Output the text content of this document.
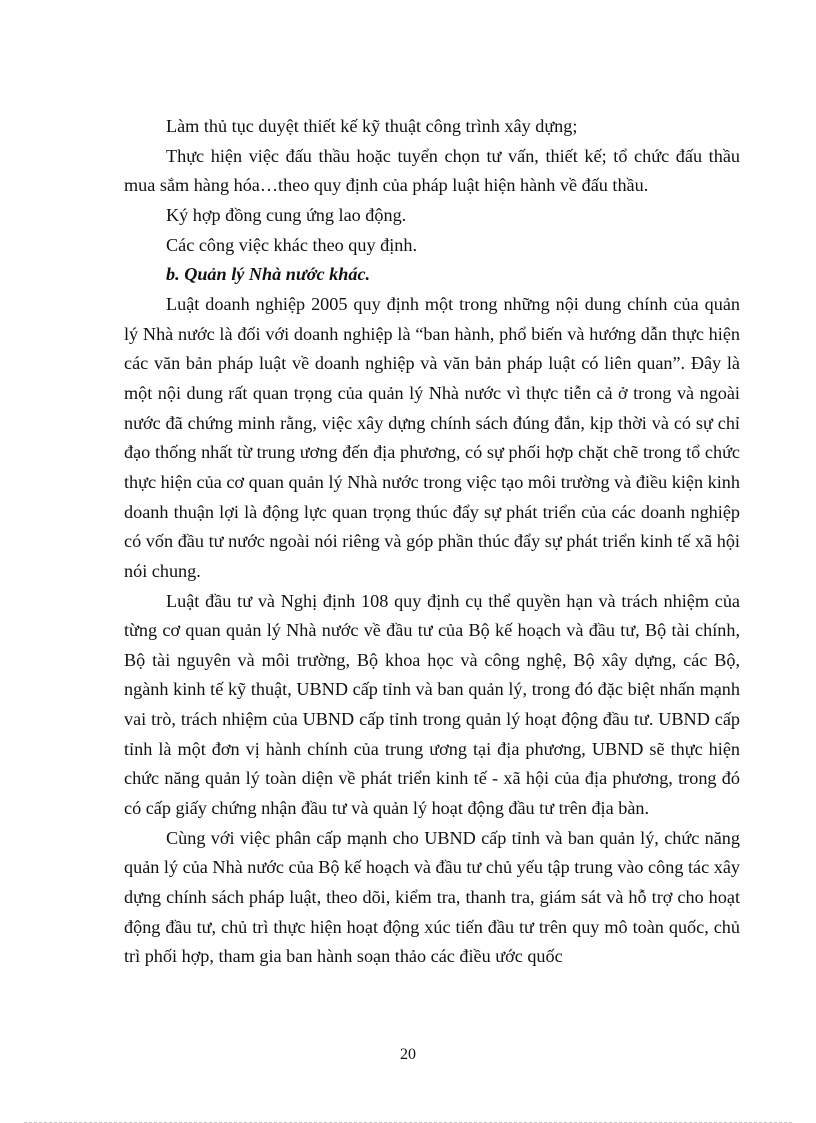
Làm thủ tục duyệt thiết kế kỹ thuật công trình xây dựng;

Thực hiện việc đấu thầu hoặc tuyển chọn tư vấn, thiết kế; tổ chức đấu thầu mua sắm hàng hóa…theo quy định của pháp luật hiện hành về đấu thầu.

Ký hợp đồng cung ứng lao động.

Các công việc khác theo quy định.

b. Quản lý Nhà nước khác.

Luật doanh nghiệp 2005 quy định một trong những nội dung chính của quản lý Nhà nước là đối với doanh nghiệp là “ban hành, phổ biến và hướng dẫn thực hiện các văn bản pháp luật về doanh nghiệp và văn bản pháp luật có liên quan”. Đây là một nội dung rất quan trọng của quản lý Nhà nước vì thực tiễn cả ở trong và ngoài nước đã chứng minh rằng, việc xây dựng chính sách đúng đắn, kịp thời và có sự chỉ đạo thống nhất từ trung ương đến địa phương, có sự phối hợp chặt chẽ trong tổ chức thực hiện của cơ quan quản lý Nhà nước trong việc tạo môi trường và điều kiện kinh doanh thuận lợi là động lực quan trọng thúc đẩy sự phát triển của các doanh nghiệp có vốn đầu tư nước ngoài nói riêng và góp phần thúc đẩy sự phát triển kinh tế xã hội nói chung.

Luật đầu tư và Nghị định 108 quy định cụ thể quyền hạn và trách nhiệm của từng cơ quan quản lý Nhà nước về đầu tư của Bộ kế hoạch và đầu tư, Bộ tài chính, Bộ tài nguyên và môi trường, Bộ khoa học và công nghệ, Bộ xây dựng, các Bộ, ngành kinh tế kỹ thuật, UBND cấp tỉnh và ban quản lý, trong đó đặc biệt nhấn mạnh vai trò, trách nhiệm của UBND cấp tỉnh trong quản lý hoạt động đầu tư. UBND cấp tỉnh là một đơn vị hành chính của trung ương tại địa phương, UBND sẽ thực hiện chức năng quản lý toàn diện về phát triển kinh tế - xã hội của địa phương, trong đó có cấp giấy chứng nhận đầu tư và quản lý hoạt động đầu tư trên địa bàn.

Cùng với việc phân cấp mạnh cho UBND cấp tỉnh và ban quản lý, chức năng quản lý của Nhà nước của Bộ kế hoạch và đầu tư chủ yếu tập trung vào công tác xây dựng chính sách pháp luật, theo dõi, kiểm tra, thanh tra, giám sát và hỗ trợ cho hoạt động đầu tư, chủ trì thực hiện hoạt động xúc tiến đầu tư trên quy mô toàn quốc, chủ trì phối hợp, tham gia ban hành soạn thảo các điều ước quốc

20
